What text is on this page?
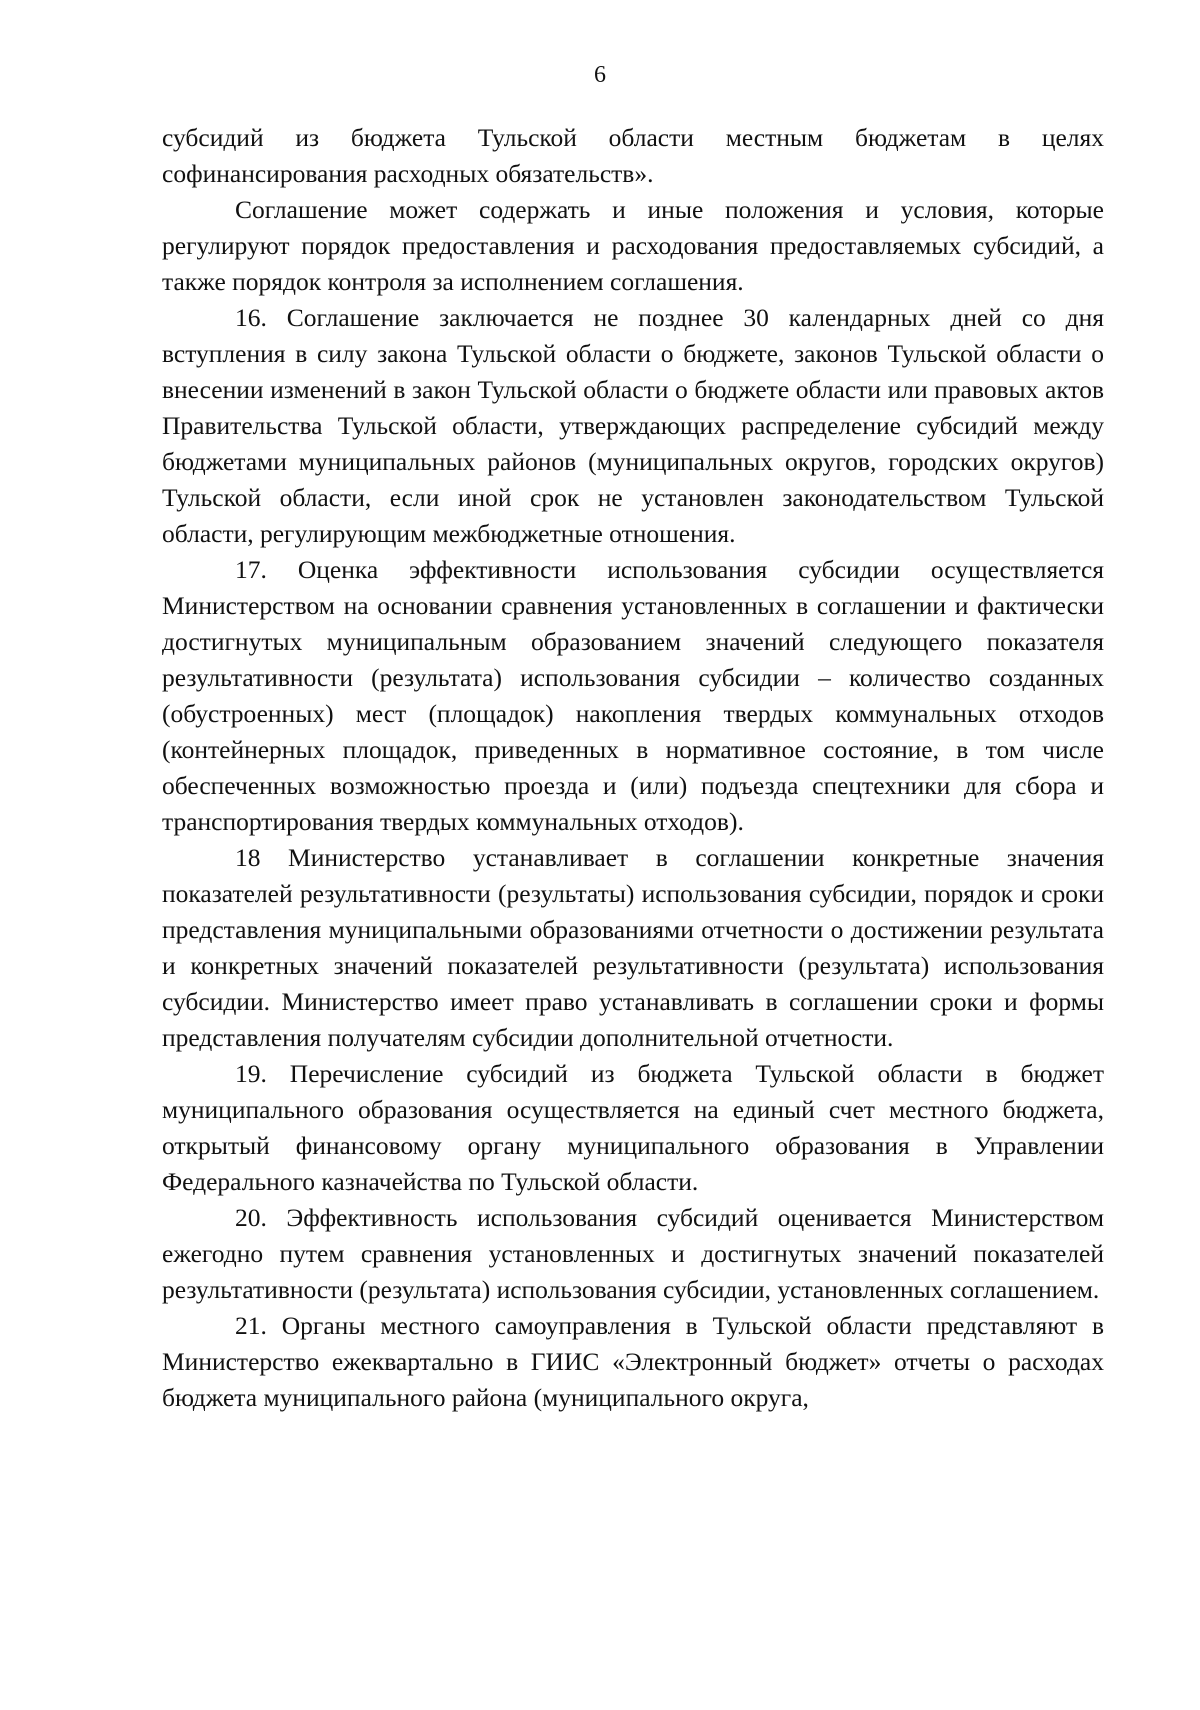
6

субсидий из бюджета Тульской области местным бюджетам в целях софинансирования расходных обязательств».

Соглашение может содержать и иные положения и условия, которые регулируют порядок предоставления и расходования предоставляемых субсидий, а также порядок контроля за исполнением соглашения.

16. Соглашение заключается не позднее 30 календарных дней со дня вступления в силу закона Тульской области о бюджете, законов Тульской области о внесении изменений в закон Тульской области о бюджете области или правовых актов Правительства Тульской области, утверждающих распределение субсидий между бюджетами муниципальных районов (муниципальных округов, городских округов) Тульской области, если иной срок не установлен законодательством Тульской области, регулирующим межбюджетные отношения.

17. Оценка эффективности использования субсидии осуществляется Министерством на основании сравнения установленных в соглашении и фактически достигнутых муниципальным образованием значений следующего показателя результативности (результата) использования субсидии – количество созданных (обустроенных) мест (площадок) накопления твердых коммунальных отходов (контейнерных площадок, приведенных в нормативное состояние, в том числе обеспеченных возможностью проезда и (или) подъезда спецтехники для сбора и транспортирования твердых коммунальных отходов).

18 Министерство устанавливает в соглашении конкретные значения показателей результативности (результаты) использования субсидии, порядок и сроки представления муниципальными образованиями отчетности о достижении результата и конкретных значений показателей результативности (результата) использования субсидии. Министерство имеет право устанавливать в соглашении сроки и формы представления получателям субсидии дополнительной отчетности.

19. Перечисление субсидий из бюджета Тульской области в бюджет муниципального образования осуществляется на единый счет местного бюджета, открытый финансовому органу муниципального образования в Управлении Федерального казначейства по Тульской области.

20. Эффективность использования субсидий оценивается Министерством ежегодно путем сравнения установленных и достигнутых значений показателей результативности (результата) использования субсидии, установленных соглашением.

21. Органы местного самоуправления в Тульской области представляют в Министерство ежеквартально в ГИИС «Электронный бюджет» отчеты о расходах бюджета муниципального района (муниципального округа,
